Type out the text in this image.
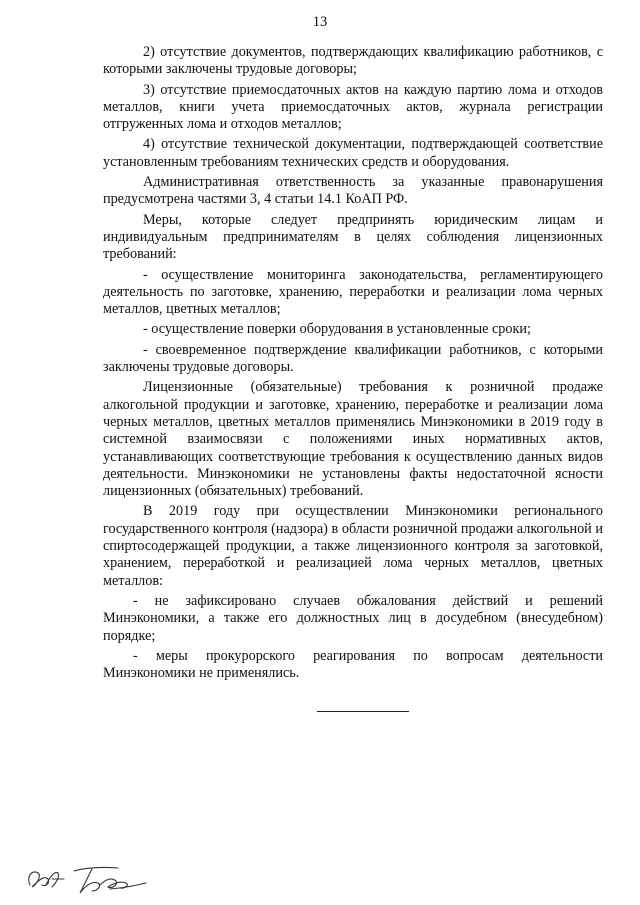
13

2) отсутствие документов, подтверждающих квалификацию работников, с которыми заключены трудовые договоры;

3) отсутствие приемосдаточных актов на каждую партию лома и отходов металлов, книги учета приемосдаточных актов, журнала регистрации отгруженных лома и отходов металлов;

4) отсутствие технической документации, подтверждающей соответствие установленным требованиям технических средств и оборудования.

Административная ответственность за указанные правонарушения предусмотрена частями 3, 4 статьи 14.1 КоАП РФ.

Меры, которые следует предпринять юридическим лицам и индивидуальным предпринимателям в целях соблюдения лицензионных требований:

- осуществление мониторинга законодательства, регламентирующего деятельность по заготовке, хранению, переработки и реализации лома черных металлов, цветных металлов;

- осуществление поверки оборудования в установленные сроки;

- своевременное подтверждение квалификации работников, с которыми заключены трудовые договоры.

Лицензионные (обязательные) требования к розничной продаже алкогольной продукции и заготовке, хранению, переработке и реализации лома черных металлов, цветных металлов применялись Минэкономики в 2019 году в системной взаимосвязи с положениями иных нормативных актов, устанавливающих соответствующие требования к осуществлению данных видов деятельности. Минэкономики не установлены факты недостаточной ясности лицензионных (обязательных) требований.

В 2019 году при осуществлении Минэкономики регионального государственного контроля (надзора) в области розничной продажи алкогольной и спиртосодержащей продукции, а также лицензионного контроля за заготовкой, хранением, переработкой и реализацией лома черных металлов, цветных металлов:

- не зафиксировано случаев обжалования действий и решений Минэкономики, а также его должностных лиц в досудебном (внесудебном) порядке;

- меры прокурорского реагирования по вопросам деятельности Минэкономики не применялись.
